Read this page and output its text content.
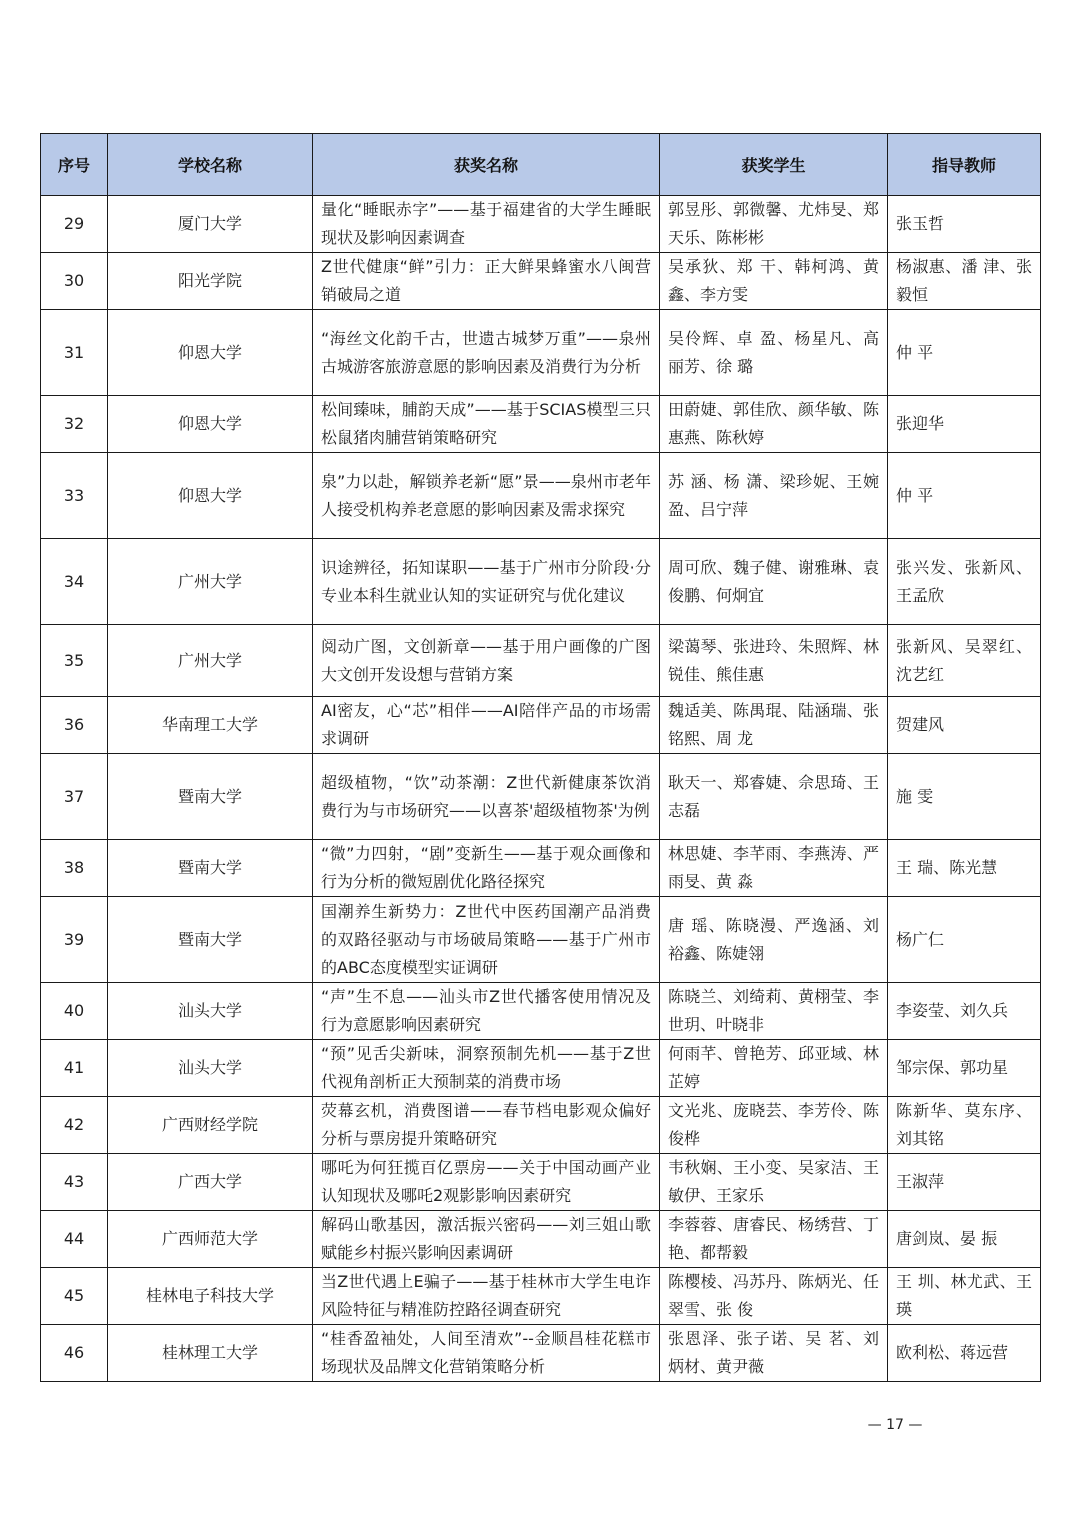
序号	学校名称	获奖名称	获奖学生	指导教师
29	厦门大学	量化“睡眠赤字”——基于福建省的大学生睡眠现状及影响因素调查	郭昱彤、郭微馨、尤炜旻、郑天乐、陈彬彬	张玉哲
30	阳光学院	Z世代健康“鲜”引力：正大鲜果蜂蜜水八闽营销破局之道	吴承狄、郑 干、韩柯鸿、黄 鑫、李方雯	杨淑惠、潘 津、张毅恒
31	仰恩大学	“海丝文化韵千古，世遗古城梦万重”——泉州古城游客旅游意愿的影响因素及消费行为分析	吴伶辉、卓 盈、杨星凡、高丽芳、徐 璐	仲 平
32	仰恩大学	松间臻味，脯韵天成”——基于SCIAS模型三只松鼠猪肉脯营销策略研究	田蔚婕、郭佳欣、颜华敏、陈惠燕、陈秋婷	张迎华
33	仰恩大学	泉”力以赴，解锁养老新“愿”景——泉州市老年人接受机构养老意愿的影响因素及需求探究	苏 涵、杨 潇、梁珍妮、王婉盈、吕宁萍	仲 平
34	广州大学	识途辨径，拓知谋职——基于广州市分阶段·分专业本科生就业认知的实证研究与优化建议	周可欣、魏子健、谢雅琳、袁俊鹏、何炯宜	张兴发、张新风、王孟欣
35	广州大学	阅动广图，文创新章——基于用户画像的广图大文创开发设想与营销方案	梁蔼琴、张进玲、朱照辉、林锐佳、熊佳惠	张新风、吴翠红、沈艺红
36	华南理工大学	AI密友，心“芯”相伴——AI陪伴产品的市场需求调研	魏适美、陈禺琨、陆涵瑞、张铭熙、周 龙	贺建风
37	暨南大学	超级植物，“饮”动茶潮：Z世代新健康茶饮消费行为与市场研究——以喜茶'超级植物茶'为例	耿天一、郑睿婕、佘思琦、王志磊	施 雯
38	暨南大学	“微”力四射，“剧”变新生——基于观众画像和行为分析的微短剧优化路径探究	林思婕、李芊雨、李燕涛、严雨旻、黄 淼	王 瑞、陈光慧
39	暨南大学	国潮养生新势力：Z世代中医药国潮产品消费的双路径驱动与市场破局策略——基于广州市的ABC态度模型实证调研	唐 瑶、陈晓漫、严逸涵、刘裕鑫、陈婕翎	杨广仁
40	汕头大学	“声”生不息——汕头市Z世代播客使用情况及行为意愿影响因素研究	陈晓兰、刘绮莉、黄栩莹、李世玥、叶晓非	李姿莹、刘久兵
41	汕头大学	“预”见舌尖新味，洞察预制先机——基于Z世代视角剖析正大预制菜的消费市场	何雨芊、曾艳芳、邱亚域、林芷婷	邹宗保、郭功星
42	广西财经学院	荧幕玄机，消费图谱——春节档电影观众偏好分析与票房提升策略研究	文光兆、庞晓芸、李芳伶、陈俊桦	陈新华、莫东序、刘其铭
43	广西大学	哪吒为何狂揽百亿票房——关于中国动画产业认知现状及哪吒2观影影响因素研究	韦秋娴、王小变、吴家洁、王敏伊、王家乐	王淑萍
44	广西师范大学	解码山歌基因，激活振兴密码——刘三姐山歌赋能乡村振兴影响因素调研	李蓉蓉、唐睿民、杨绣营、丁 艳、都帮毅	唐剑岚、晏 振
45	桂林电子科技大学	当Z世代遇上E骗子——基于桂林市大学生电诈风险特征与精准防控路径调查研究	陈樱棱、冯苏丹、陈炳光、任翠雪、张 俊	王 圳、林尤武、王 瑛
46	桂林理工大学	“桂香盈袖处，人间至清欢”--金顺昌桂花糕市场现状及品牌文化营销策略分析	张恩泽、张子诺、吴 茗、刘炳材、黄尹薇	欧利松、蒋远营
— 17 —
